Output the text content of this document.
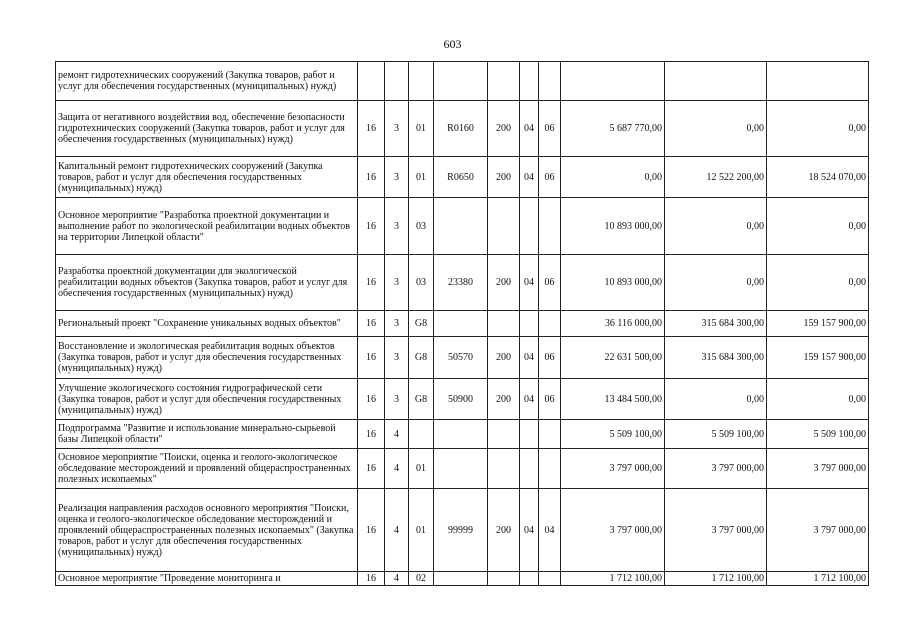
603
ремонт гидротехнических сооружений (Закупка товаров, работ и услуг для обеспечения государственных (муниципальных) нужд)										
Защита от негативного воздействия вод, обеспечение безопасности гидротехнических сооружений (Закупка товаров, работ и услуг для обеспечения государственных (муниципальных) нужд)	16	3	01	R0160	200	04	06	5 687 770,00	0,00	0,00
Капитальный ремонт гидротехнических сооружений (Закупка товаров, работ и услуг для обеспечения государственных (муниципальных) нужд)	16	3	01	R0650	200	04	06	0,00	12 522 200,00	18 524 070,00
Основное мероприятие "Разработка проектной документации и выполнение работ по экологической реабилитации водных объектов на территории Липецкой области"	16	3	03					10 893 000,00	0,00	0,00
Разработка проектной документации для экологической реабилитации водных объектов (Закупка товаров, работ и услуг для обеспечения государственных (муниципальных) нужд)	16	3	03	23380	200	04	06	10 893 000,00	0,00	0,00
Региональный проект "Сохранение уникальных водных объектов"	16	3	G8					36 116 000,00	315 684 300,00	159 157 900,00
Восстановление и экологическая реабилитация водных объектов (Закупка товаров, работ и услуг для обеспечения государственных (муниципальных) нужд)	16	3	G8	50570	200	04	06	22 631 500,00	315 684 300,00	159 157 900,00
Улучшение экологического состояния гидрографической сети (Закупка товаров, работ и услуг для обеспечения государственных (муниципальных) нужд)	16	3	G8	50900	200	04	06	13 484 500,00	0,00	0,00
Подпрограмма "Развитие и использование минерально-сырьевой базы Липецкой области"	16	4						5 509 100,00	5 509 100,00	5 509 100,00
Основное мероприятие "Поиски, оценка и геолого-экологическое обследование месторождений и проявлений общераспространенных полезных ископаемых"	16	4	01					3 797 000,00	3 797 000,00	3 797 000,00
Реализация направления расходов основного мероприятия "Поиски, оценка и геолого-экологическое обследование месторождений и проявлений общераспространенных полезных ископаемых" (Закупка товаров, работ и услуг для обеспечения государственных (муниципальных) нужд)	16	4	01	99999	200	04	04	3 797 000,00	3 797 000,00	3 797 000,00
Основное мероприятие "Проведение мониторинга и	16	4	02					1 712 100,00	1 712 100,00	1 712 100,00
